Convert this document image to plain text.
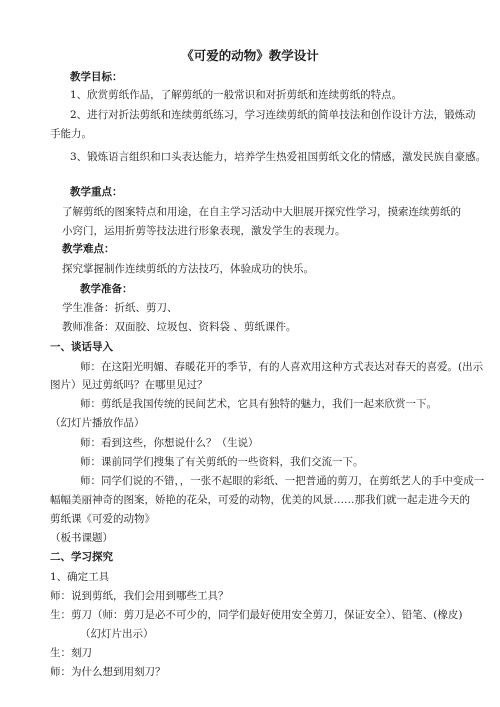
《可爱的动物》教学设计
教学目标：
1、欣赏剪纸作品，了解剪纸的一般常识和对折剪纸和连续剪纸的特点。
2、进行对折法剪纸和连续剪纸练习，学习连续剪纸的简单技法和创作设计方法，锻炼动
手能力。
3、锻炼语言组织和口头表达能力，培养学生热爱祖国剪纸文化的情感，激发民族自豪感。
教学重点：
了解剪纸的图案特点和用途，在自主学习活动中大胆展开探究性学习，摸索连续剪纸的
小窍门，运用折剪等技法进行形象表现，激发学生的表现力。
教学难点：
探究掌握制作连续剪纸的方法技巧，体验成功的快乐。
教学准备：
学生准备：折纸、剪刀、
教师准备：双面胶、垃圾包、资料袋 、剪纸课件。
一、谈话导入
师：在这阳光明媚、春暖花开的季节，有的人喜欢用这种方式表达对春天的喜爱。(出示
图片）见过剪纸吗？在哪里见过？
师：剪纸是我国传统的民间艺术，它具有独特的魅力，我们一起来欣赏一下。
（幻灯片播放作品）
师：看到这些，你想说什么？（生说）
师：课前同学们搜集了有关剪纸的一些资料，我们交流一下。
师：同学们说的不错，，一张不起眼的彩纸、一把普通的剪刀，在剪纸艺人的手中变成一
幅幅美丽神奇的图案，娇艳的花朵，可爱的动物，优美的风景……那我们就一起走进今天的
剪纸课《可爱的动物》
（板书课题）
二、学习探究
1、确定工具
师：说到剪纸，我们会用到哪些工具？
生：剪刀（师：剪刀是必不可少的，同学们最好使用安全剪刀，保证安全）、铅笔、(橡皮)
（幻灯片出示）
生：刻刀
师：为什么想到用刻刀？
